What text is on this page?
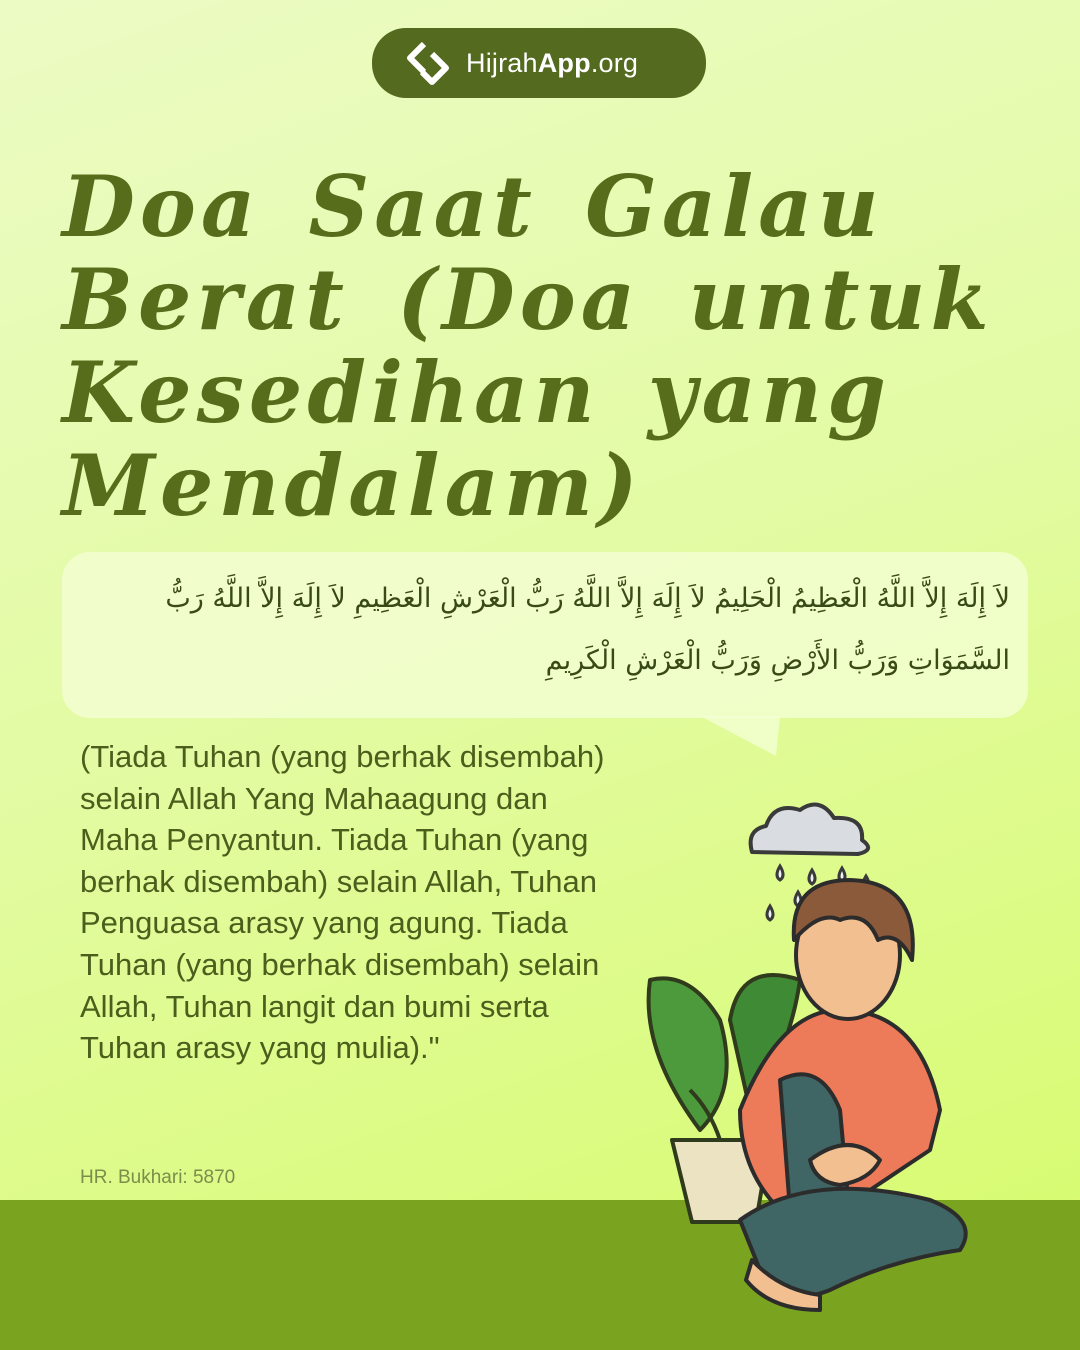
HijrahApp.org
Doa Saat Galau Berat (Doa untuk Kesedihan yang Mendalam)

لاَ إِلَهَ إِلاَّ اللَّهُ الْعَظِيمُ الْحَلِيمُ لاَ إِلَهَ إِلاَّ اللَّهُ رَبُّ الْعَرْشِ الْعَظِيمِ لاَ إِلَهَ إِلاَّ اللَّهُ رَبُّ السَّمَوَاتِ وَرَبُّ الأَرْضِ وَرَبُّ الْعَرْشِ الْكَرِيمِ

(Tiada Tuhan (yang berhak disembah) selain Allah Yang Mahaagung dan Maha Penyantun. Tiada Tuhan (yang berhak disembah) selain Allah, Tuhan Penguasa arasy yang agung. Tiada Tuhan (yang berhak disembah) selain Allah, Tuhan langit dan bumi serta Tuhan arasy yang mulia)."

HR. Bukhari: 5870
